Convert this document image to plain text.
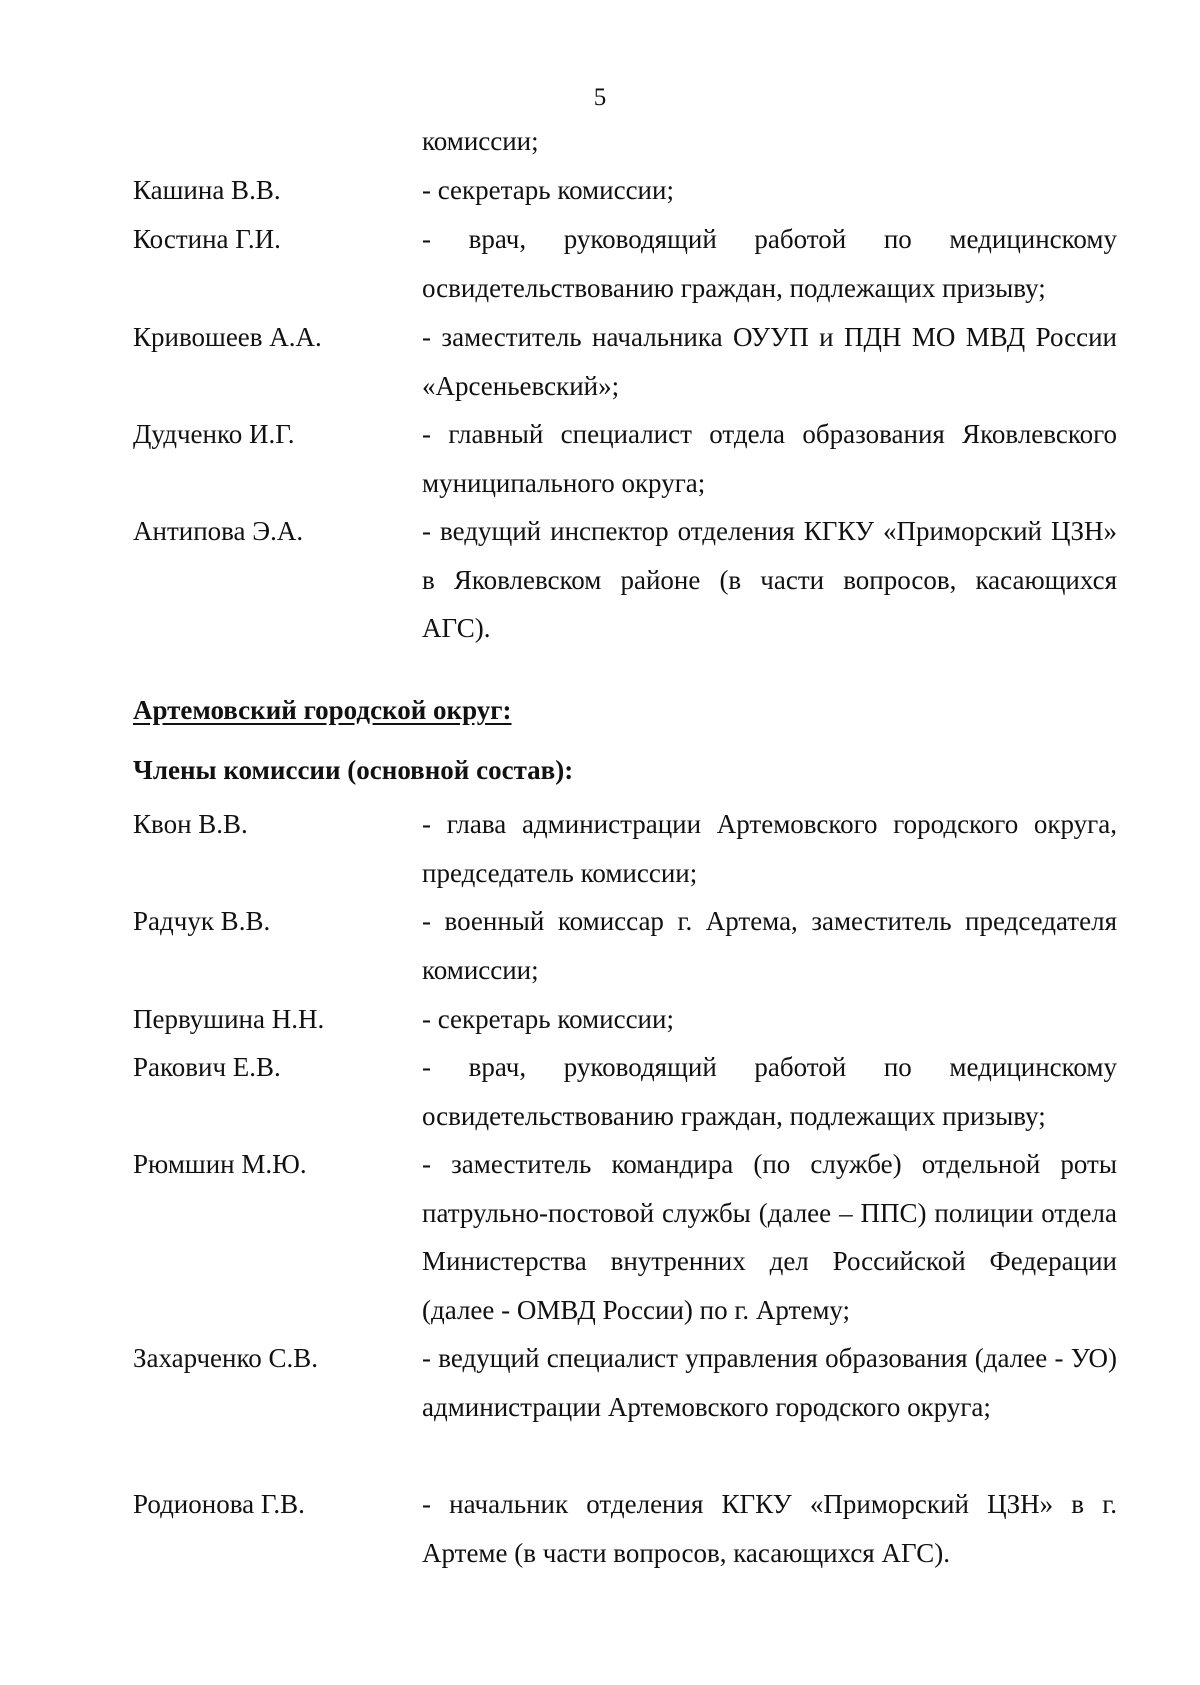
5
комиссии;
Кашина В.В.	- секретарь комиссии;
Костина Г.И.	- врач, руководящий работой по медицинскому освидетельствованию граждан, подлежащих призыву;
Кривошеев А.А.	- заместитель начальника ОУУП и ПДН МО МВД России «Арсеньевский»;
Дудченко И.Г.	- главный специалист отдела образования Яковлевского муниципального округа;
Антипова Э.А.	- ведущий инспектор отделения КГКУ «Приморский ЦЗН» в Яковлевском районе (в части вопросов, касающихся АГС).
Артемовский городской округ:
Члены комиссии (основной состав):
Квон В.В.	- глава администрации Артемовского городского округа, председатель комиссии;
Радчук В.В.	- военный комиссар г. Артема, заместитель председателя комиссии;
Первушина Н.Н.	- секретарь комиссии;
Ракович Е.В.	- врач, руководящий работой по медицинскому освидетельствованию граждан, подлежащих призыву;
Рюмшин М.Ю.	- заместитель командира (по службе) отдельной роты патрульно-постовой службы (далее – ППС) полиции отдела Министерства внутренних дел Российской Федерации (далее - ОМВД России) по г. Артему;
Захарченко С.В.	- ведущий специалист управления образования (далее - УО) администрации Артемовского городского округа;
Родионова Г.В.	- начальник отделения КГКУ «Приморский ЦЗН» в г. Артеме (в части вопросов, касающихся АГС).
